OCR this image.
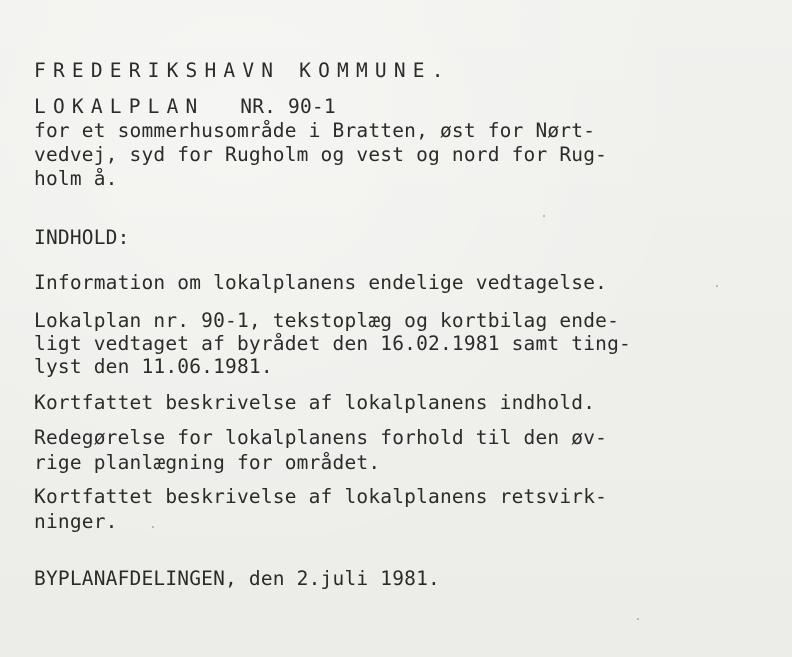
FREDERIKSHAVN KOMMUNE.
LOKALPLAN NR. 90-1
for et sommerhusområde i Bratten, øst for Nørt-
vedvej, syd for Rugholm og vest og nord for Rug-
holm å.
INDHOLD:
Information om lokalplanens endelige vedtagelse.
Lokalplan nr. 90-1, tekstoplæg og kortbilag ende-
ligt vedtaget af byrådet den 16.02.1981 samt ting-
lyst den 11.06.1981.
Kortfattet beskrivelse af lokalplanens indhold.
Redegørelse for lokalplanens forhold til den øv-
rige planlægning for området.
Kortfattet beskrivelse af lokalplanens retsvirk-
ninger.
BYPLANAFDELINGEN, den 2.juli 1981.
